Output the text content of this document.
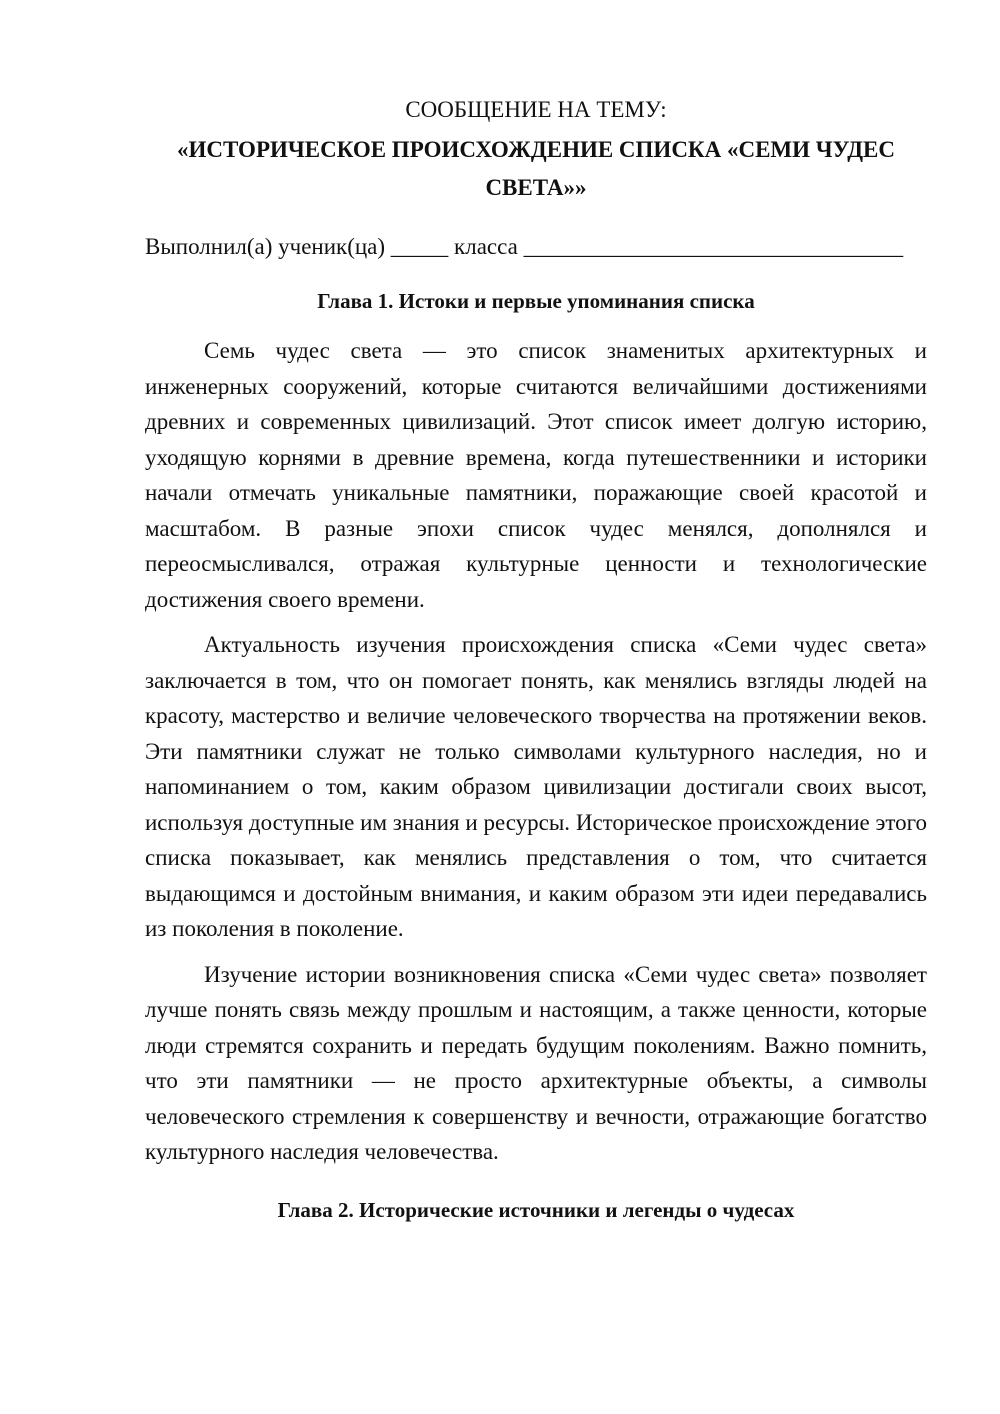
СООБЩЕНИЕ НА ТЕМУ:
«ИСТОРИЧЕСКОЕ ПРОИСХОЖДЕНИЕ СПИСКА «СЕМИ ЧУДЕС СВЕТА»»

Выполнил(а) ученик(ца) _____ класса _________________________________

Глава 1. Истоки и первые упоминания списка

Семь чудес света — это список знаменитых архитектурных и инженерных сооружений, которые считаются величайшими достижениями древних и современных цивилизаций. Этот список имеет долгую историю, уходящую корнями в древние времена, когда путешественники и историки начали отмечать уникальные памятники, поражающие своей красотой и масштабом. В разные эпохи список чудес менялся, дополнялся и переосмысливался, отражая культурные ценности и технологические достижения своего времени.

Актуальность изучения происхождения списка «Семи чудес света» заключается в том, что он помогает понять, как менялись взгляды людей на красоту, мастерство и величие человеческого творчества на протяжении веков. Эти памятники служат не только символами культурного наследия, но и напоминанием о том, каким образом цивилизации достигали своих высот, используя доступные им знания и ресурсы. Историческое происхождение этого списка показывает, как менялись представления о том, что считается выдающимся и достойным внимания, и каким образом эти идеи передавались из поколения в поколение.

Изучение истории возникновения списка «Семи чудес света» позволяет лучше понять связь между прошлым и настоящим, а также ценности, которые люди стремятся сохранить и передать будущим поколениям. Важно помнить, что эти памятники — не просто архитектурные объекты, а символы человеческого стремления к совершенству и вечности, отражающие богатство культурного наследия человечества.

Глава 2. Исторические источники и легенды о чудесах
